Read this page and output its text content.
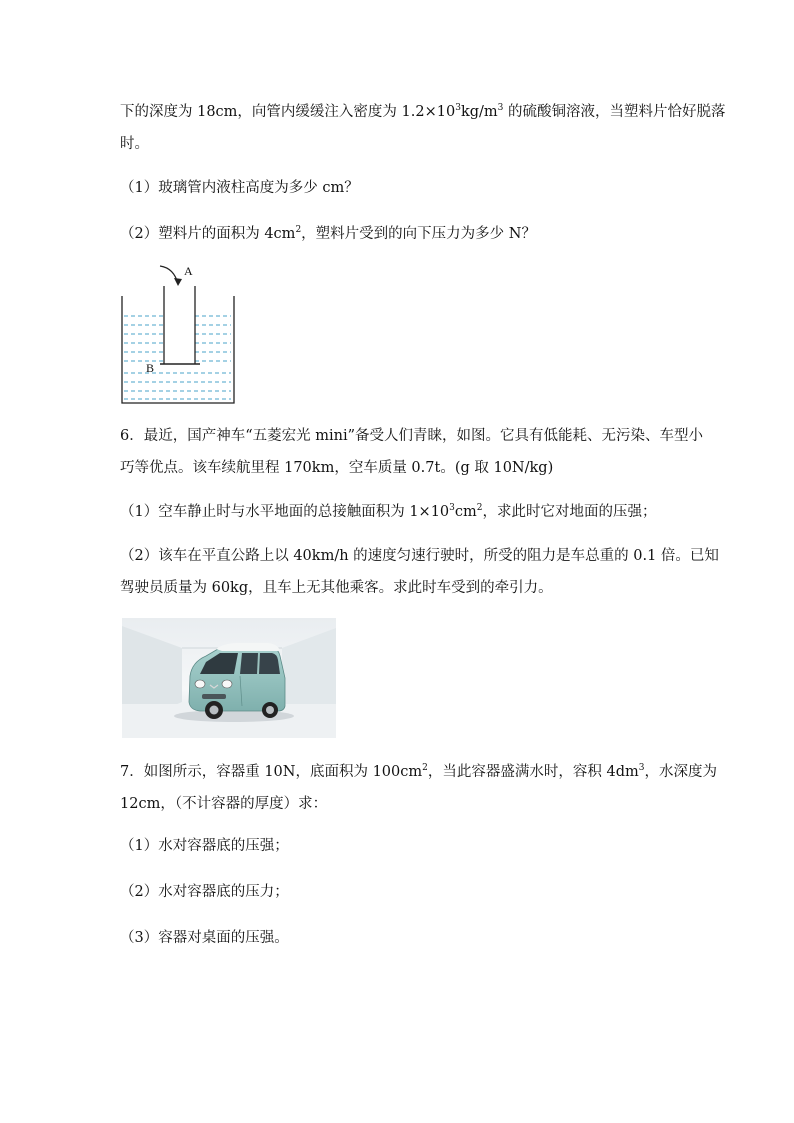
下的深度为 18cm，向管内缓缓注入密度为 $1.2\times 10^3kg/m^3$ 的硫酸铜溶液，当塑料片恰好脱落
时。
（1）玻璃管内液柱高度为多少 cm？
（2）塑料片的面积为 $4cm^2$，塑料片受到的向下压力为多少 N？
A
B
6．最近，国产神车“五菱宏光 mini”备受人们青睐，如图。它具有低能耗、无污染、车型小
巧等优点。该车续航里程 170km，空车质量 0.7t。(g 取 10N/kg)
（1）空车静止时与水平地面的总接触面积为 $1\times 10^3cm^2$，求此时它对地面的压强；
（2）该车在平直公路上以 40km/h 的速度匀速行驶时，所受的阻力是车总重的 0.1 倍。已知
驾驶员质量为 60kg，且车上无其他乘客。求此时车受到的牵引力。
7．如图所示，容器重 10N，底面积为 $100cm^2$，当此容器盛满水时，容积 $4dm^3$，水深度为
12cm，（不计容器的厚度）求：
（1）水对容器底的压强；
（2）水对容器底的压力；
（3）容器对桌面的压强。
